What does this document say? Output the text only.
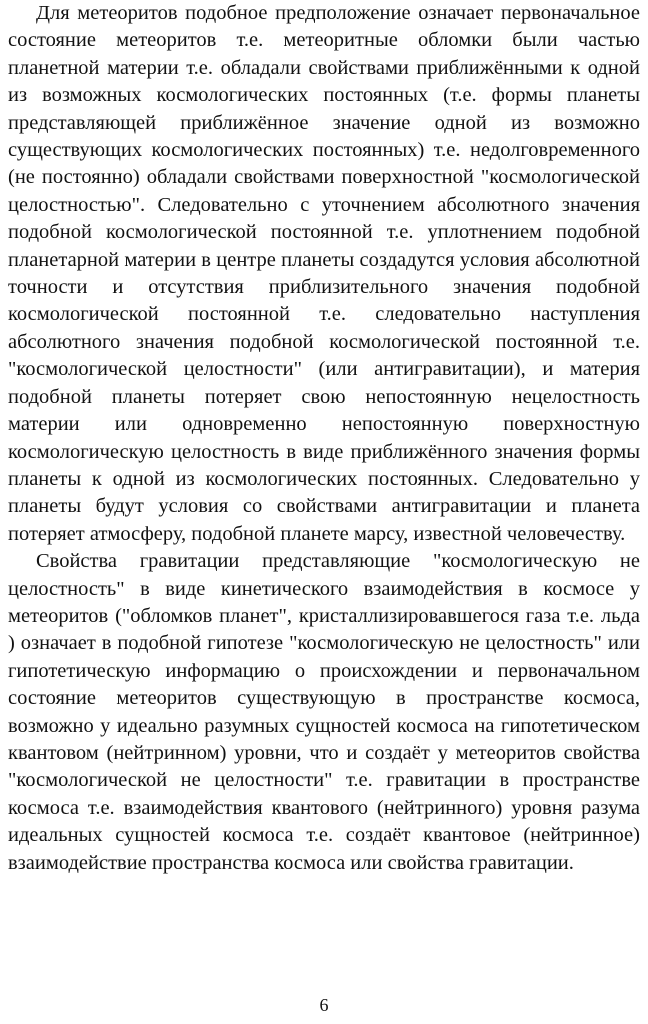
Для метеоритов подобное предположение означает первоначальное состояние метеоритов т.е. метеоритные обломки были частью планетной материи т.е. обладали свойствами приближёнными к одной из возможных космологических постоянных (т.е. формы планеты представляющей приближённое значение одной из возможно существующих космологических постоянных) т.е. недолговременного (не постоянно) обладали свойствами поверхностной "космологической целостностью". Следовательно с уточнением абсолютного значения подобной космологической постоянной т.е. уплотнением подобной планетарной материи в центре планеты создадутся условия абсолютной точности и отсутствия приблизительного значения подобной космологической постоянной т.е. следовательно наступления абсолютного значения подобной космологической постоянной т.е. "космологической целостности" (или антигравитации), и материя подобной планеты потеряет свою непостоянную нецелостность материи или одновременно непостоянную поверхностную космологическую целостность в виде приближённого значения формы планеты к одной из космологических постоянных. Следовательно у планеты будут условия со свойствами антигравитации и планета потеряет атмосферу, подобной планете марсу, известной человечеству.

Свойства гравитации представляющие "космологическую не целостность" в виде кинетического взаимодействия в космосе у метеоритов ("обломков планет", кристаллизировавшегося газа т.е. льда ) означает в подобной гипотезе "космологическую не целостность" или гипотетическую информацию о происхождении и первоначальном состояние метеоритов существующую в пространстве космоса, возможно у идеально разумных сущностей космоса на гипотетическом квантовом (нейтринном) уровни, что и создаёт у метеоритов свойства "космологической не целостности" т.е. гравитации в пространстве космоса т.е. взаимодействия квантового (нейтринного) уровня разума идеальных сущностей космоса т.е. создаёт квантовое (нейтринное) взаимодействие пространства космоса или свойства гравитации.

6
